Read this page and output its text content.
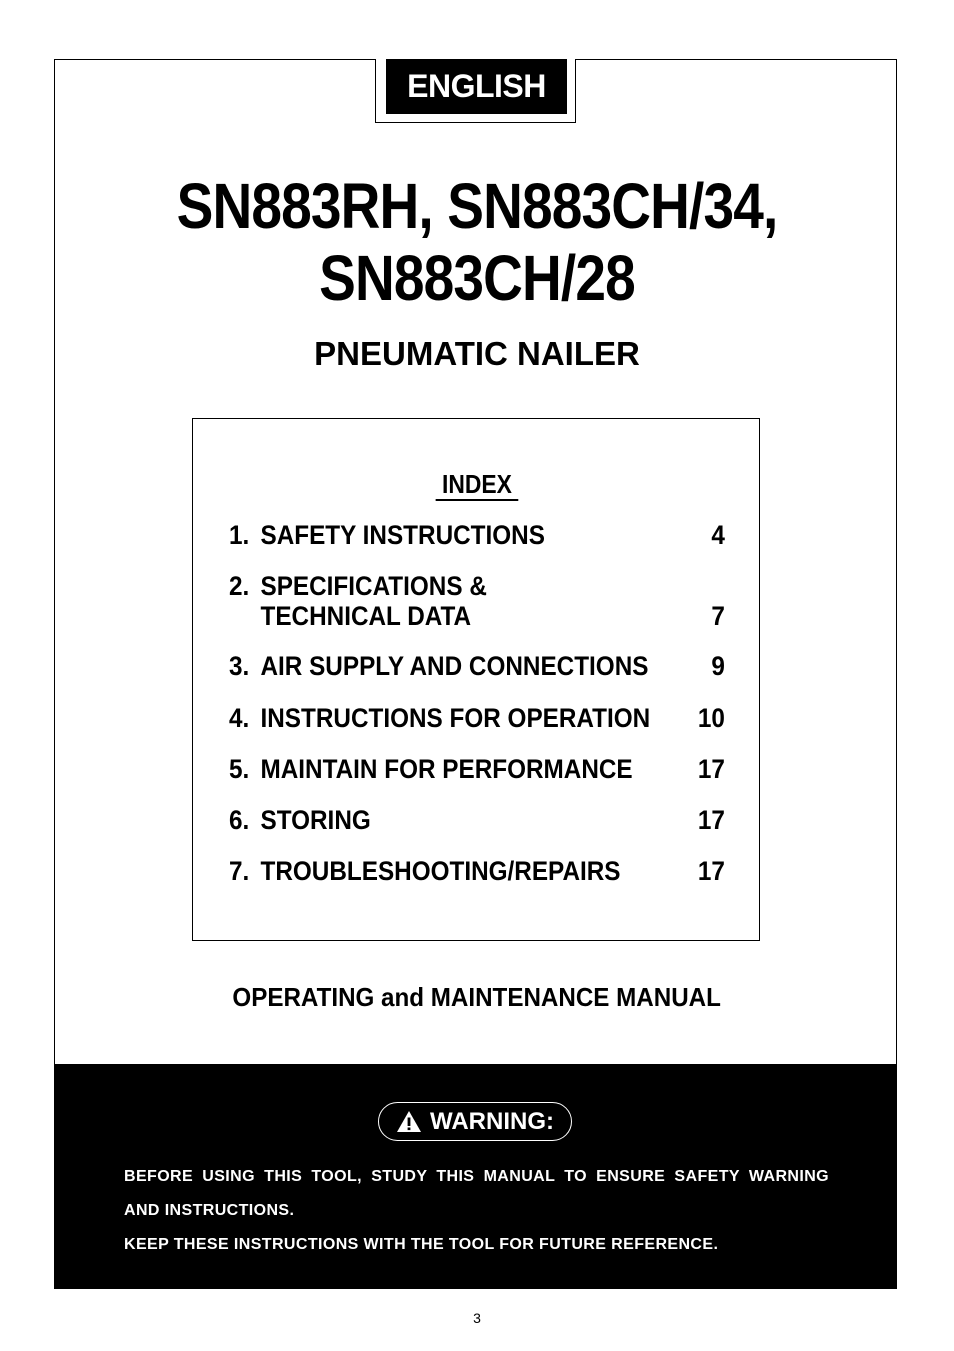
ENGLISH
SN883RH, SN883CH/34,
SN883CH/28
PNEUMATIC NAILER
INDEX
1. SAFETY INSTRUCTIONS	4
2. SPECIFICATIONS &
TECHNICAL DATA	7
3. AIR SUPPLY AND CONNECTIONS 9
4. INSTRUCTIONS FOR OPERATION 10
5. MAINTAIN FOR PERFORMANCE 17
6. STORING	17
7. TROUBLESHOOTING/REPAIRS	17
OPERATING and MAINTENANCE MANUAL
WARNING:

BEFORE USING THIS TOOL, STUDY THIS MANUAL TO ENSURE SAFETY WARNING

AND INSTRUCTIONS.

KEEP THESE INSTRUCTIONS WITH THE TOOL FOR FUTURE REFERENCE.

3
